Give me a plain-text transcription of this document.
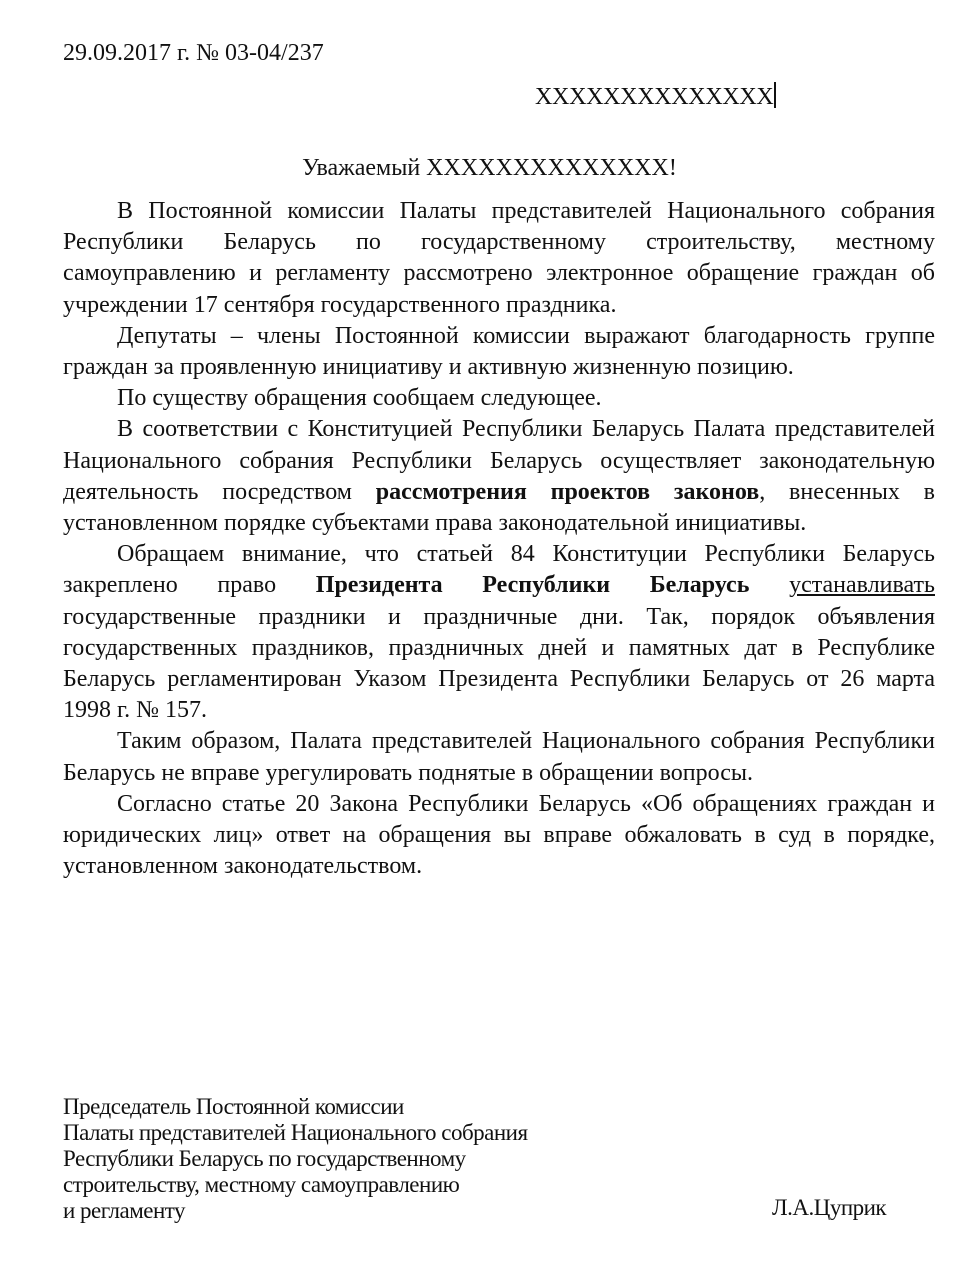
29.09.2017 г. № 03-04/237
ХХХХХХХХХХХХХХ
Уважаемый ХХХХХХХХХХХХХХ!

В Постоянной комиссии Палаты представителей Национального собрания Республики Беларусь по государственному строительству, местному самоуправлению и регламенту рассмотрено электронное обращение граждан об учреждении 17 сентября государственного праздника.

Депутаты – члены Постоянной комиссии выражают благодарность группе граждан за проявленную инициативу и активную жизненную позицию.

По существу обращения сообщаем следующее.

В соответствии с Конституцией Республики Беларусь Палата представителей Национального собрания Республики Беларусь осуществляет законодательную деятельность посредством рассмотрения проектов законов, внесенных в установленном порядке субъектами права законодательной инициативы.

Обращаем внимание, что статьей 84 Конституции Республики Беларусь закреплено право Президента Республики Беларусь устанавливать государственные праздники и праздничные дни. Так, порядок объявления государственных праздников, праздничных дней и памятных дат в Республике Беларусь регламентирован Указом Президента Республики Беларусь от 26 марта 1998 г. № 157.

Таким образом, Палата представителей Национального собрания Республики Беларусь не вправе урегулировать поднятые в обращении вопросы.

Согласно статье 20 Закона Республики Беларусь «Об обращениях граждан и юридических лиц» ответ на обращения вы вправе обжаловать в суд в порядке, установленном законодательством.

Председатель Постоянной комиссии
Палаты представителей Национального собрания
Республики Беларусь по государственному
строительству, местному самоуправлению
и регламенту	Л.А.Цуприк
